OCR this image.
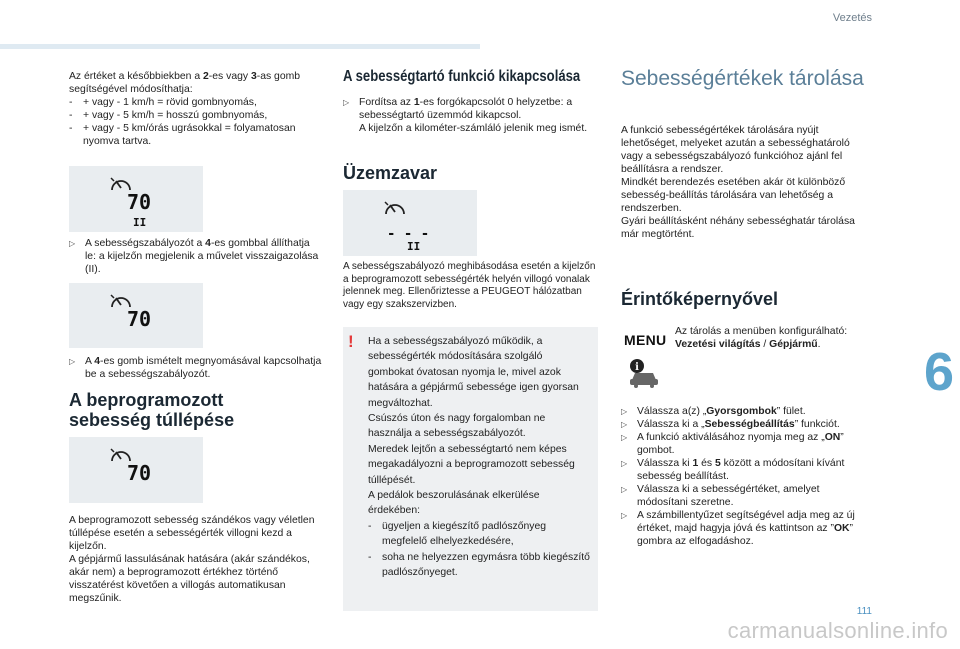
Vezetés

Az értéket a későbbiekben a 2-es vagy 3-as gomb segítségével módosíthatja:

-	+ vagy - 1 km/h = rövid gombnyomás,
-	+ vagy - 5 km/h = hosszú gombnyomás,
-	+ vagy - 5 km/órás ugrásokkal = folyamatosan nyomva tartva.
70
II
▷ A sebességszabályozót a 4-es gombbal állíthatja le: a kijelzőn megjelenik a művelet visszaigazolása (II).

70
▷ A 4-es gomb ismételt megnyomásával kapcsolhatja be a sebességszabályozót.

A beprogramozott
sebesség túllépése
70
A beprogramozott sebesség szándékos vagy véletlen túllépése esetén a sebességérték villogni kezd a kijelzőn.
A gépjármű lassulásának hatására (akár szándékos, akár nem) a beprogramozott értékhez történő visszatérést követően a villogás automatikusan megszűnik.
A sebességtartó funkció kikapcsolása
▷ Fordítsa az 1-es forgókapcsolót 0 helyzetbe: a sebességtartó üzemmód kikapcsol.
A kijelzőn a kilométer-számláló jelenik meg ismét.

Üzemzavar
- - -
II
A sebességszabályozó meghibásodása esetén a kijelzőn a beprogramozott sebességérték helyén villogó vonalak jelennek meg. Ellenőriztesse a PEUGEOT hálózatban vagy egy szakszervizben.
! Ha a sebességszabályozó működik, a sebességérték módosítására szolgáló gombokat óvatosan nyomja le, mivel azok hatására a gépjármű sebessége igen gyorsan megváltozhat.
Csúszós úton és nagy forgalomban ne használja a sebességszabályozót.
Meredek lejtőn a sebességtartó nem képes megakadályozni a beprogramozott sebesség túllépését.
A pedálok beszorulásának elkerülése érdekében:

-	ügyeljen a kiegészítő padlószőnyeg megfelelő elhelyezkedésére,
-	soha ne helyezzen egymásra több kiegészítő padlószőnyeget.
Sebességértékek tárolása
A funkció sebességértékek tárolására nyújt lehetőséget, melyeket azután a sebességhatároló vagy a sebességszabályozó funkcióhoz ajánl fel beállításra a rendszer.
Mindkét berendezés esetében akár öt különböző sebesség-beállítás tárolására van lehetőség a rendszerben.
Gyári beállításként néhány sebességhatár tárolása már megtörtént.
Érintőképernyővel
MENU
i

Az tárolás a menüben konfigurálható: Vezetési világítás / Gépjármű.

▷ Válassza a(z) „Gyorsgombok” fület.

▷ Válassza ki a „Sebességbeállítás” funkciót.

▷ A funkció aktiválásához nyomja meg az „ON” gombot.

▷ Válassza ki 1 és 5 között a módosítani kívánt sebesség beállítást.

▷ Válassza ki a sebességértéket, amelyet módosítani szeretne.

▷ A számbillentyűzet segítségével adja meg az új értéket, majd hagyja jóvá és kattintson az ”OK” gombra az elfogadáshoz.

6
111
carmanualsonline.info
